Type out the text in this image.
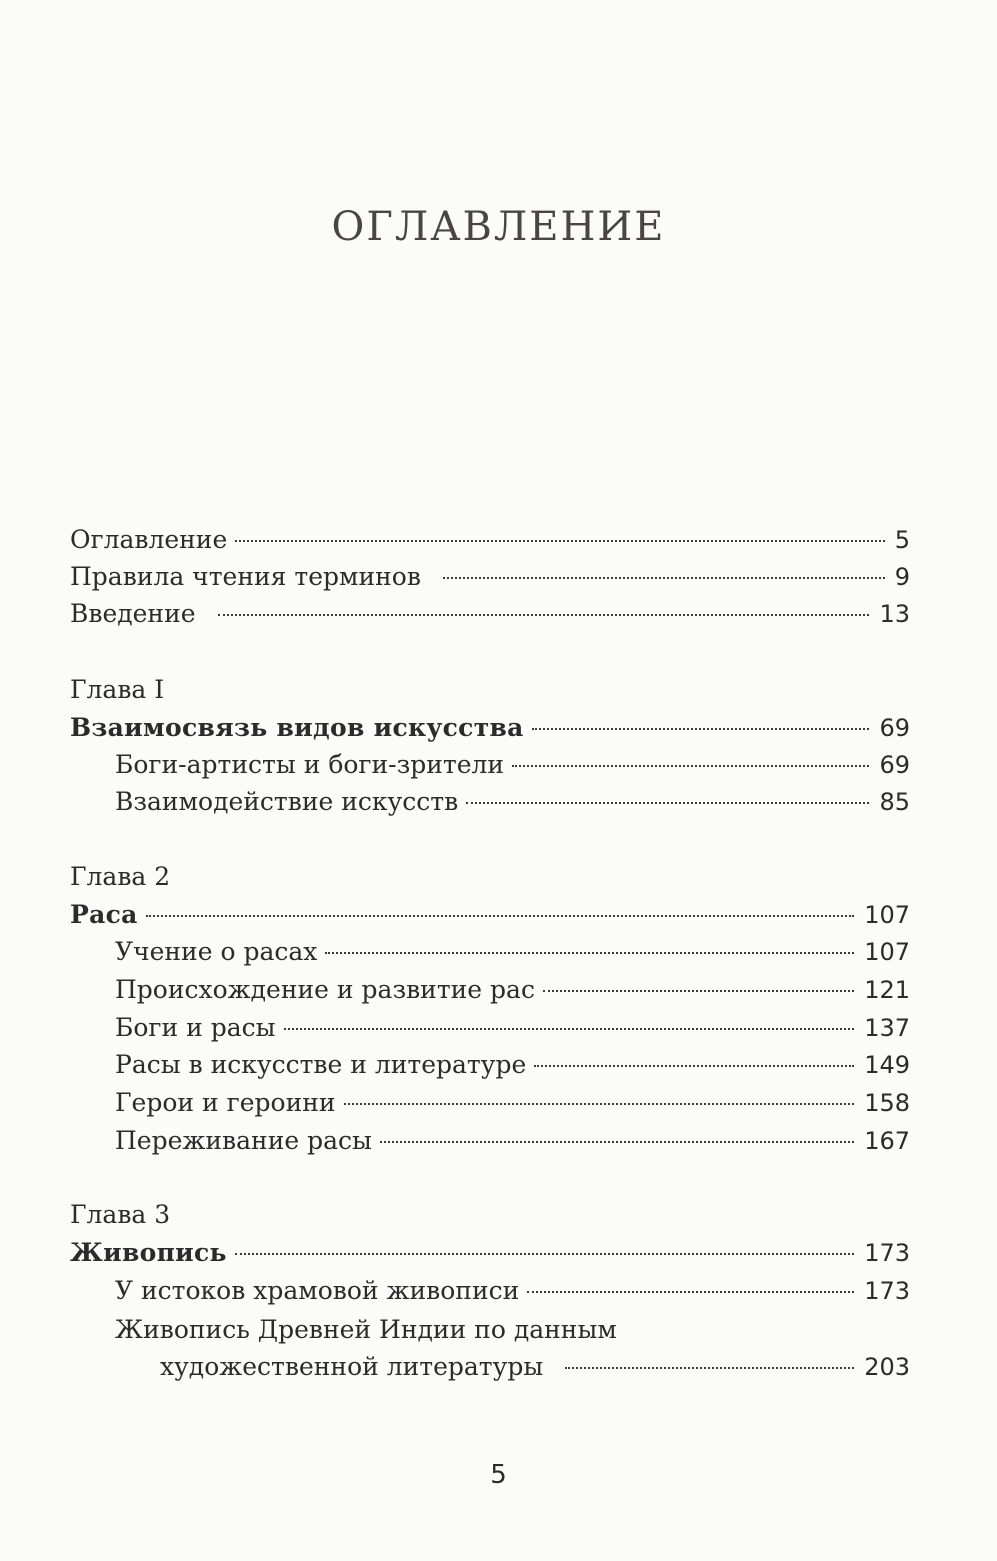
ОГЛАВЛЕНИЕ
Оглавление	5
Правила чтения терминов	9
Введение	13
Глава I
Взаимосвязь видов искусства	69
Боги-артисты и боги-зрители	69
Взаимодействие искусств	85
Глава 2
Раса	107
Учение о расах	107
Происхождение и развитие рас	121
Боги и расы	137
Расы в искусстве и литературе	149
Герои и героини	158
Переживание расы	167
Глава 3
Живопись	173
У истоков храмовой живописи	173
Живопись Древней Индии по данным
художественной литературы	203
5
